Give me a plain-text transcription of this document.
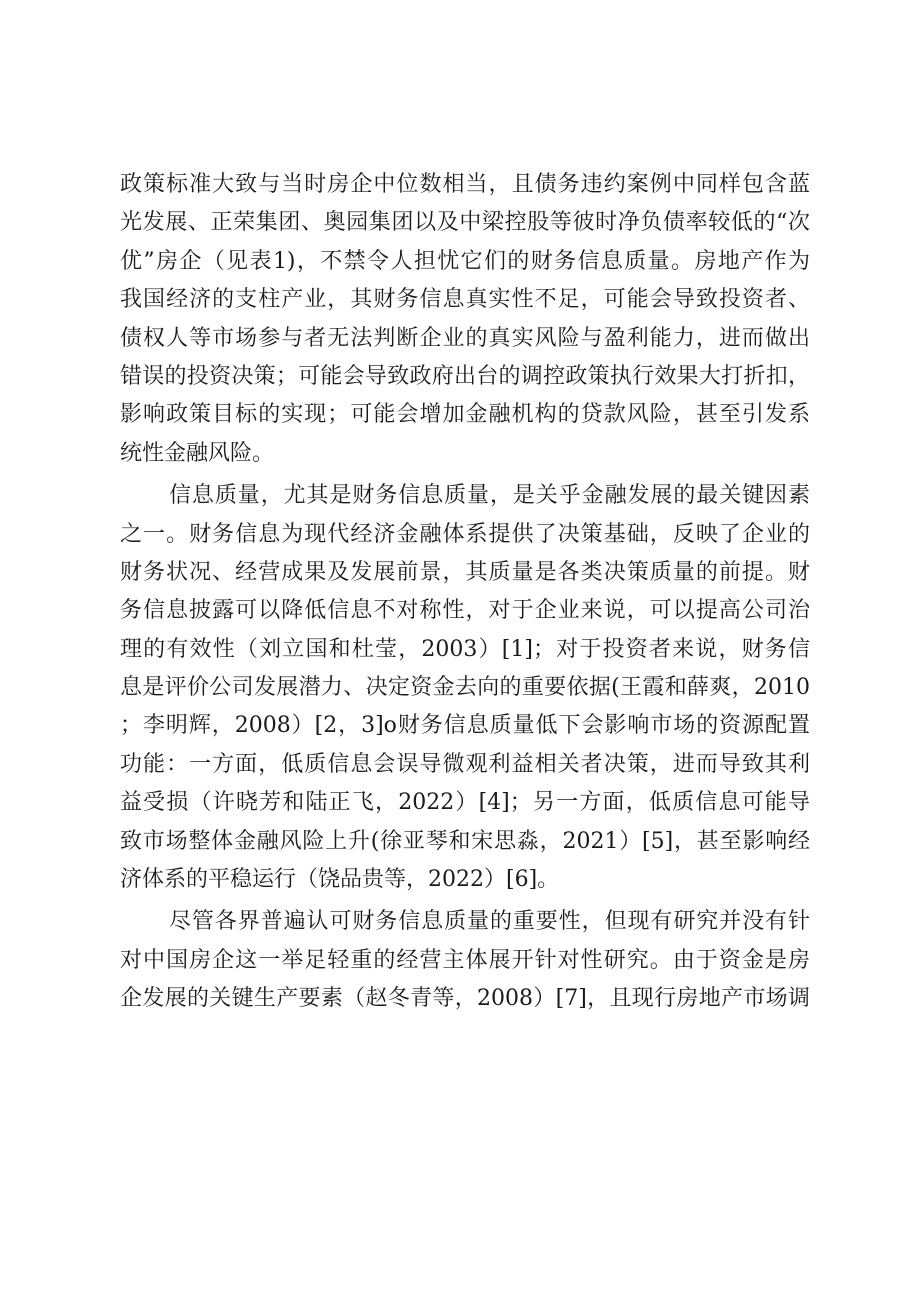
政策标准大致与当时房企中位数相当，且债务违约案例中同样包含蓝
光发展、正荣集团、奥园集团以及中梁控股等彼时净负债率较低的“次
优”房企（见表1)，不禁令人担忧它们的财务信息质量。房地产作为
我国经济的支柱产业，其财务信息真实性不足，可能会导致投资者、
债权人等市场参与者无法判断企业的真实风险与盈利能力，进而做出
错误的投资决策；可能会导致政府出台的调控政策执行效果大打折扣，
影响政策目标的实现；可能会增加金融机构的贷款风险，甚至引发系
统性金融风险。
信息质量，尤其是财务信息质量，是关乎金融发展的最关键因素
之一。财务信息为现代经济金融体系提供了决策基础，反映了企业的
财务状况、经营成果及发展前景，其质量是各类决策质量的前提。财
务信息披露可以降低信息不对称性，对于企业来说，可以提高公司治
理的有效性（刘立国和杜莹，2003）[1]；对于投资者来说，财务信
息是评价公司发展潜力、决定资金去向的重要依据(王霞和薛爽，2010
；李明辉，2008）[2，3]o财务信息质量低下会影响市场的资源配置
功能：一方面，低质信息会误导微观利益相关者决策，进而导致其利
益受损（许晓芳和陆正飞，2022）[4]；另一方面，低质信息可能导
致市场整体金融风险上升(徐亚琴和宋思淼，2021）[5]，甚至影响经
济体系的平稳运行（饶品贵等，2022）[6]。
尽管各界普遍认可财务信息质量的重要性，但现有研究并没有针
对中国房企这一举足轻重的经营主体展开针对性研究。由于资金是房
企发展的关键生产要素（赵冬青等，2008）[7]，且现行房地产市场调
